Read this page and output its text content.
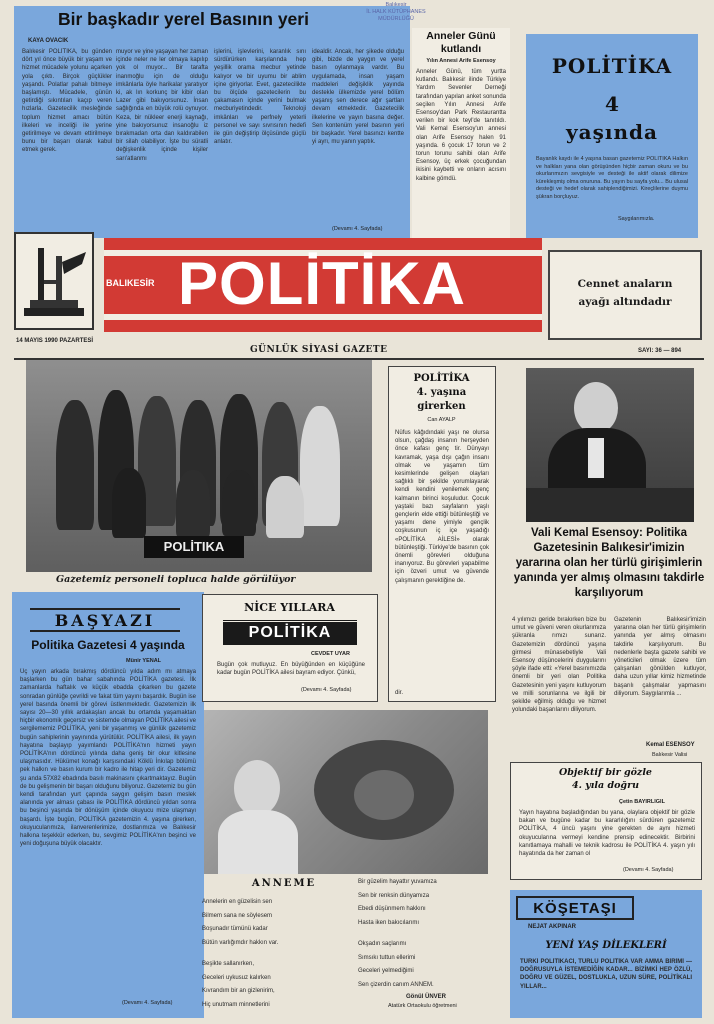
Bir başkadır yerel Basının yeri
KAYA OVACIK
Balıkesir POLİTİKA, bu günden dört yıl önce büyük bir yaşam ve hizmet mücadele yolunu açarken yola çıktı. Birçok güçlükler yaşandı. Polatlar pahalı bitmeye başlamıştı. Mücadele, günün getirdiği sıkıntıları kaçıp veren hızlarla. Gazetecilik mesleğinde toplum hizmet amacı bütün ilkeleri ve inceliği ile yerine getirilmeye ve devam ettirilmeye bunu bir başarı olarak kabul etmek gerek.
muyor ve yine yaşayan her zaman içinde neler ne ler olmaya kapılıp yok ol muyor... Bir tarafta inanmoğlu için de olduğu imkânlarla öyle harikalar yaratıyor ki, ak lın korkunç bir kibir olan Lazer gibi bakıyorsunuz. İnsan sağlığında en büyük rolü oynuyor. Keza, bir nükleer enerji kaynağı, yine bakıyorsunuz insanoğlu iz bırakmadan orta dan kaldırabilen bir silah olabiliyor. İşte bu süratli değişkenlik içinde kişiler sarı'atlanmı
işlerini, işlevlerini, karanlık sını sürdürürken karşılarında hep yeşillik orama mecbur yetinde kalıyor ve bir uyumu bir ablim içine giriyorlar. Evet, gazetecilikte bu ölçüde gazetecilerin bu çakamasın içinde yerini bulmak mecburiyetindedir. Teknoloji imkânları ve perfnely yeterli personel ve sayı sıvrısının hedefi ile gün değiştirip ölçüsünde güçlü anlatır.
idealdir. Ancak, her şikede olduğu gibi, bizde de yaygın ve yerel basın oylanmaya vardır. Bu uygulamada, insan yaşam maddeleri değişiklik yayında destekle ülkemizde yerel bölüm yaşanış sen derece ağır şartları devam etmektedir. Gazetecilik ilkelerine ve yayın basına değer. Sen kontenüm yerel basının yeri bir başkadır. Yerel basınızı kentte yi ayrı, mu yanın yaptık.
(Devamı 4. Sayfada)
Balıkesir
İL HALK KÜTÜPHANES
MÜDÜRLÜĞÜ
Anneler Günü kutlandı
Yılın Annesi Arife Esensoy
Anneler Günü, tüm yurtta kutlandı. Balıkesir ilinde Türkiye Yardım Sevenler Derneği tarafından yapılan anket sonunda seçilen Yılın Annesi Arife Esensoy'dan Park Restaurantta verilen bir kok teyl'de tanıtıldı. Vali Kemal Esensoy'un annesi olan Arife Esensoy halen 91 yaşında. 6 çocuk 17 torun ve 2 torun torunu sahibi olan Arife Esensoy, üç erkek çocuğundan ikisini kaybetti ve onların acısını kalbine gömdü.
POLİTİKA
4
yaşında
Bayanlık kaydı ile 4 yaşına basan gazetemiz POLİTİKA Halkın ve halkları yana olan görüşünden hiçbir zaman okuru ve bu okurlarımızın sevgisiyle ve desteği ile aktif olarak dilimize kürekleşmiş olma onuruna. Bu yayın bu sayfa yolu... Bu ulusal desteği ve hedef olarak sahiplendiğimizi. Kireçlilerine duymu şükran borçluyuz.
Saygılarımızla.
BALIKESİR POLİTİKA	Cennet anaların
ayağı altındadır
14 MAYIS 1990 PAZARTESİ
GÜNLÜK SİYASİ GAZETE	SAYI: 36 — 894
POLİTIKA
Gazetemiz personeli topluca halde görülüyor
POLİTİKA
4. yaşına
girerken
Can AYALP
Nüfus kâğıdındaki yaşı ne olursa olsun, çağdaş insanın herşeyden önce kafası genç tir. Dünyayı kavramak, yaşa dışı çağın insanı olmak ve yaşamın tüm kesimlerinde gelişen olayları sağlıklı bir şekilde yorumlayarak kendi kendini yenilemek genç kalmanın birinci koşuludur. Çocuk yaştaki bazı sayfaların yaşlı gençlerin elde ettiği bütünleştiği ve yaşamı dene yimiyle gençlik coşkusunun iç içe yaşadığı «POLİTİKA AİLESİ» olarak bütünleştiği. Türkiye'de basının çok önemli görevleri olduğuna inanıyoruz. Bu görevleri yapabilme için özveri umut ve güvende çalışmanın gerektiğine de.
dir.
Vali Kemal Esensoy: Politika Gazetesinin Balıkesir'imizin yararına olan her türlü girişimlerin yanında yer almış olmasını takdirle karşılıyorum
4 yılımızı geride bırakırken bize bu umut ve güveni veren okurlarımıza şükranla rımızı sunarız. Gazetemizin dördüncü yaşına girmesi münasebetiyle Vali Esensoy düşüncelerini duygularını şöyle ifade etti: «Yerel basınımızda önemli bir yeri olan Politika Gazetesinin yeni yaşını kutluyorum ve milli sorunlarına ve ilgili bir şekilde eğilmiş olduğu ve hizmet yolundaki başarılarını diliyorum.
Gazetenin Balıkesir'imizin yararına olan her türlü girişimlerin yanında yer almış olmasını takdirle karşılıyorum. Bu nedenlerle başta gazete sahibi ve yöneticileri olmak üzere tüm çalışanları gönülden kutluyor, daha uzun yıllar kimiz hizmetinde başarılı çalışmalar yapmasını diliyorum. Saygılarımla ...
Kemal ESENSOY
Balıkesir Valisi
BAŞYAZI
Politika Gazetesi 4 yaşında
Münir YENAL
Üç yayın arkada bırakmış dördüncü yılda adım mı atmaya başlarken bu gün bahar sabahında POLİTİKA gazetesi. İlk zamanlarda haftalık ve küçük ebadda çıkarken bu gazete sonradan günlüğe çevrildi ve fakat tüm yayını başardık. Bugün ise yerel basında önemli bir görevi üstlenmektedir. Gazetemizin ilk sayısı 20—30 yıllık ardakaşları ancak bu ortamda yaşamaktan hiçbir ekonomik geçersiz ve sistemde olmayan POLİTİKA ailesi ve sergilememiz POLİTİKA, yeni bir yaşanmış ve günlük gazetemiz bugün sahiplerinin yayınında yürütülür. POLİTİKA ailesi, ilk yayın hayatına başlayıp yayımlandı POLİTİKA'nın hizmeti yayın POLİTİKA'nın dördüncü yılında daha geniş bir okur kitlesine ulaşmasıdır. Hükümet konağı karşısındaki Köklü İnkılap bölümü pek halkın ve basın kurum bir kadro ile hitap yeri dir. Gazetemiz şu anda 57X82 ebadında basılı makinasını çıkartmaktayız. Bugün de bu gelişmenin bir başarı olduğunu biliyoruz. Gazetemiz bu gün kendi tarafından yurt çapında saygın gelişim basın meslek alanında yer alması çabası ile POLİTİKA dördüncü yıldan sonra bu beşinci yaşında bir dönüşüm içinde okuyucu mize ulaşmayı başardı. İşte bugün, POLİTİKA gazetemizin 4. yaşına girerken, okuyucularımıza, ilanverenlerimize, dostlarımıza ve Balıkesir halkına teşekkür ederken, bu, sevgimiz POLİTİKA'nın beşinci ve yeni doğuşuna büyük olacaktır.
(Devamı 4. Sayfada)
NİCE YILLARA
POLİTİKA
CEVDET UYAR
Bugün çok mutluyuz. En büyüğünden en küçüğüne kadar bugün POLİTİKA ailesi bayram ediyor. Çünkü,
(Devamı 4. Sayfada)
ANNEME
Annelerin en güzelisin sen
Bilmem sana ne söylesem
Boşunadır tümünü kadar
Bütün varlığımdır hakkın var.
Beşikte sallanırken,
Geceleri uykusuz kalırken
Kıvrandım bir an gizlenirim,
Hiç unutmam minnetlerini
Bir güzelim hayattır yuvamıza
Sen bir renksin dünyamıza
Ebedi düşünmem hakkını
Hasta iken bakıcılarımı
Okşadın saçlarımı
Sımsıkı tuttun ellerimi
Geceleri yelmediğimi
Sen çizerdin canım ANNEM.
Gönül ÜNVER
Atatürk Ortaokulu öğretmeni
Objektif bir gözle
4. yıla doğru
Çetin BAYIRLIGIL
Yayın hayatına başladığından bu yana, olaylara objektif bir gözle bakan ve bugüne kadar bu kararlılığını sürdüren gazetemiz POLİTİKA, 4 üncü yaşını yine gerekten de aynı hizmeti okuyucularına vermeyi kendine prensip edinecektir. Birbirini kanıtlamaya mahalli ve teknik kadrosu ile POLİTİKA 4. yaşın yılı hayatında da her zaman ol
(Devamı 4. Sayfada)
KÖŞETAŞI
NEJAT AKPINAR
YENİ YAŞ DİLEKLERİ
TÜRKİ POLİTİKACI, TÜRLÜ POLİTİKA VAR AMMA BİRİMİ — DOĞRUSUYLA İSTEMEDİĞİN KADAR... BİZİMKİ HEP ÖZLÜ, DOĞRU VE GÜZEL, DOSTLUKLA, UZUN SÜRE, POLİTİKALI YILLAR...
